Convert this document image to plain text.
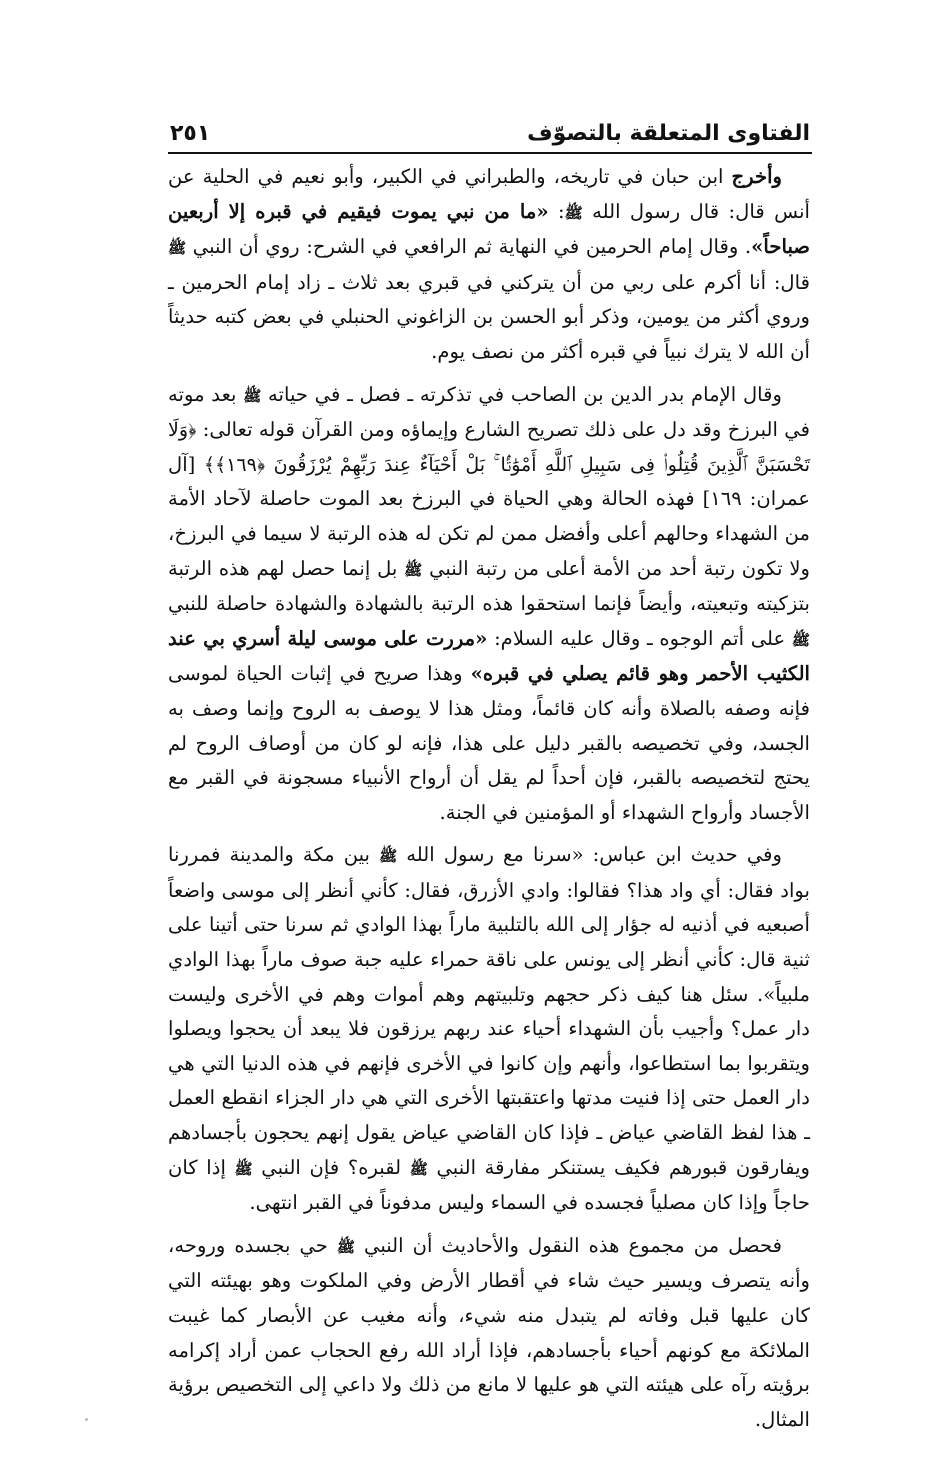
الفتاوى المتعلقة بالتصوّف
٢٥١

وأخرج ابن حبان في تاريخه، والطبراني في الكبير، وأبو نعيم في الحلية عن أنس قال: قال رسول الله ﷺ: «ما من نبي يموت فيقيم في قبره إلا أربعين صباحاً». وقال إمام الحرمين في النهاية ثم الرافعي في الشرح: روي أن النبي ﷺ قال: أنا أكرم على ربي من أن يتركني في قبري بعد ثلاث ـ زاد إمام الحرمين ـ وروي أكثر من يومين، وذكر أبو الحسن بن الزاغوني الحنبلي في بعض كتبه حديثاً أن الله لا يترك نبياً في قبره أكثر من نصف يوم.

وقال الإمام بدر الدين بن الصاحب في تذكرته ـ فصل ـ في حياته ﷺ بعد موته في البرزخ وقد دل على ذلك تصريح الشارع وإيماؤه ومن القرآن قوله تعالى: ﴿وَلَا تَحْسَبَنَّ ٱلَّذِينَ قُتِلُوا۟ فِى سَبِيلِ ٱللَّهِ أَمْوَٰتًۢا ۚ بَلْ أَحْيَآءٌ عِندَ رَبِّهِمْ يُرْزَقُونَ ﴿١٦٩﴾﴾ [آل عمران: ١٦٩] فهذه الحالة وهي الحياة في البرزخ بعد الموت حاصلة لآحاد الأمة من الشهداء وحالهم أعلى وأفضل ممن لم تكن له هذه الرتبة لا سيما في البرزخ، ولا تكون رتبة أحد من الأمة أعلى من رتبة النبي ﷺ بل إنما حصل لهم هذه الرتبة بتزكيته وتبعيته، وأيضاً فإنما استحقوا هذه الرتبة بالشهادة والشهادة حاصلة للنبي ﷺ على أتم الوجوه ـ وقال عليه السلام: «مررت على موسى ليلة أسري بي عند الكثيب الأحمر وهو قائم يصلي في قبره» وهذا صريح في إثبات الحياة لموسى فإنه وصفه بالصلاة وأنه كان قائماً، ومثل هذا لا يوصف به الروح وإنما وصف به الجسد، وفي تخصيصه بالقبر دليل على هذا، فإنه لو كان من أوصاف الروح لم يحتج لتخصيصه بالقبر، فإن أحداً لم يقل أن أرواح الأنبياء مسجونة في القبر مع الأجساد وأرواح الشهداء أو المؤمنين في الجنة.

وفي حديث ابن عباس: «سرنا مع رسول الله ﷺ بين مكة والمدينة فمررنا بواد فقال: أي واد هذا؟ فقالوا: وادي الأزرق، فقال: كأني أنظر إلى موسى واضعاً أصبعيه في أذنيه له جؤار إلى الله بالتلبية ماراً بهذا الوادي ثم سرنا حتى أتينا على ثنية قال: كأني أنظر إلى يونس على ناقة حمراء عليه جبة صوف ماراً بهذا الوادي ملبياً». سئل هنا كيف ذكر حجهم وتلبيتهم وهم أموات وهم في الأخرى وليست دار عمل؟ وأجيب بأن الشهداء أحياء عند ربهم يرزقون فلا يبعد أن يحجوا ويصلوا ويتقربوا بما استطاعوا، وأنهم وإن كانوا في الأخرى فإنهم في هذه الدنيا التي هي دار العمل حتى إذا فنيت مدتها واعتقبتها الأخرى التي هي دار الجزاء انقطع العمل ـ هذا لفظ القاضي عياض ـ فإذا كان القاضي عياض يقول إنهم يحجون بأجسادهم ويفارقون قبورهم فكيف يستنكر مفارقة النبي ﷺ لقبره؟ فإن النبي ﷺ إذا كان حاجاً وإذا كان مصلياً فجسده في السماء وليس مدفوناً في القبر انتهى.

فحصل من مجموع هذه النقول والأحاديث أن النبي ﷺ حي بجسده وروحه، وأنه يتصرف ويسير حيث شاء في أقطار الأرض وفي الملكوت وهو بهيئته التي كان عليها قبل وفاته لم يتبدل منه شيء، وأنه مغيب عن الأبصار كما غيبت الملائكة مع كونهم أحياء بأجسادهم، فإذا أراد الله رفع الحجاب عمن أراد إكرامه برؤيته رآه على هيئته التي هو عليها لا مانع من ذلك ولا داعي إلى التخصيص برؤية المثال.
